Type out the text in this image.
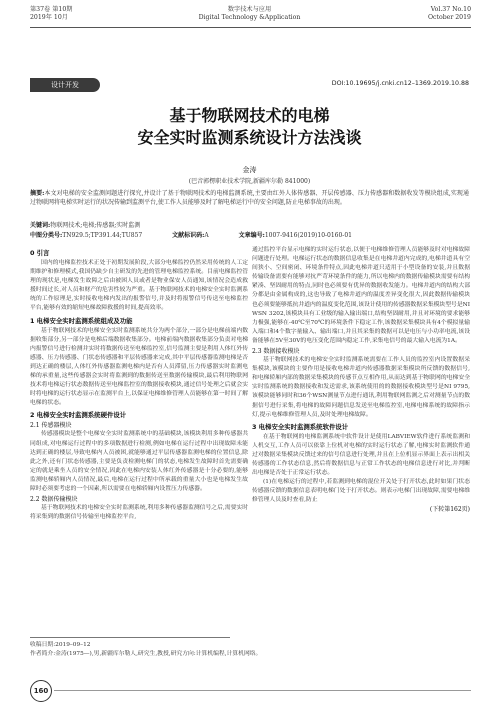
第37卷 第10期
2019年 10月
数字技术与应用
Digital Technology &Application
Vol.37 No.10
October 2019
设计开发	DOI:10.19695/j.cnki.cn12–1369.2019.10.88
基于物联网技术的电梯
安全实时监测系统设计方法浅谈
金涛
(巴音郭楞职业技术学院,新疆库尔勒 841000)
摘要:本文对电梯的安全监测问题进行探究,并设计了基于物联网技术的电梯监测系统,主要由红外人体传感器、开层传感器、压力传感器和数据收发等模块组成,实现通过物联网将电梯实时运行的状况传输到监测平台,使工作人员能够及时了解电梯运行中的安全问题,防止电梯事故的出现。
关键词:物联网技术;电梯;传感器;实时监测
中图分类号:TN929.5;TP391.44;TU857	文献标识码:A	文章编号:1007-9416(2019)10-0160-01
0 引言

国内的电梯监控技术正处于初期发展阶段,大部分电梯监控仍然采用传统的人工定期维护和修理模式,我国仍缺少自主研发的先进的管理电梯监控系统。目前电梯监控管理的现状是,电梯发生故障之后由被困人员或者是物业保安人员通知,该情况会造成救援时间过长,对人员和财产的危害性较为严重。基于物联网技术的电梯安全实时监测系统的工作原理是,实时接收电梯内发出的报警信号,并及时将报警信号传送至电梯监控平台,能够有效的缩短电梯故障救援的时间,提高效率。

1 电梯安全实时监测系统组成及功能

基于物联网技术的电梯安全实时监测系统共分为两个部分,一部分是电梯前端内数据收集部分,另一部分是电梯后端数据收集部分。电梯前端内数据收集部分负责对电梯内报警信号进行检测并实时将数据传送至电梯监控室,信号监测主要是利用人体红外传感器、压力传感器、门状态传感器和平层传感器来完成,其中平层传感器监测电梯是否到达正确的楼层,人体红外传感器监测电梯内是否有人员滞留,压力传感器实时监测电梯的承重量,这些传感器会实时将监测到的数据传送至数据传输模块,最后利用物联网技术将电梯运行状态数据传送至电梯监控室的数据接收模块,通过信号处理之后就会实时将电梯的运行状态显示在监测平台上,以保证电梯维修管理人员能够在第一时间了解电梯的状态。

2 电梯安全实时监测系统硬件设计
2.1 传感器模块

传感器模块是整个电梯安全实时监测系统中的基础模块,该模块利用多种传感器共同组成,对电梯运行过程中的多项数据进行检测,例如电梯在运行过程中出现故障未能达到正确的楼层,导致电梯内人员被困,就能够通过平层传感器监测电梯的位置信息,除此之外,还有门状态传感器,主要是负责检测电梯门的状态,电梯发生故障时首先需要确定的就是乘坐人员的安全情况,因此在电梯内安装人体红外传感器是十分必要的,能够监测电梯轿厢内人员情况,最后,电梯在运行过程中所承载的重量大小也是电梯发生故障时必须要考虑的一个因素,所以需要在电梯轿厢内设置压力传感器。

2.2 数据传输模块

基于物联网技术的电梯安全实时监测系统,利用多种传感器监测信号之后,需要实时将采集到的数据信号传输至电梯监控平台,

通过监控平台显示电梯的实时运行状态,以便于电梯维修管理人员能够及时对电梯故障问题进行处理。电梯运行状态的数据信息收集是在电梯井道内完成的,电梯井道具有空间狭小、空间密闭、环境条件特点,因此电梯井道只适用于小型设备的安装,并且数据传输设备需要有能够对抗严苛环境条件的能力,所以电梯内的数据传输模块需要有结构紧凑、坚固耐用的特点,同时也必须要有优异的数据收发能力。电梯井道内的结构大部分都是由金属构成的,这也导致了电梯井道内的温度差异变化很大,因此数据传输模块也必须要能够抵抗井道内的温度变化范围,该设计使用的传感器数据采集模块型号是NI WSN 3202,该模块具有工业级的输入输出端口,结构坚固耐用,并且对环境的要求能够力极强,能够在-40℃至70℃的环境条件下稳定工作,该数据采集模块具有4个模拟量输入端口和4个数字量输入、输出端口,并且其采集的数据可以是电压与小功率电流,该设备能够在5V至30V的电压变化范围内稳定工作,采集电信号的最大输入电流为1A。

2.3 数据接收模块

基于物联网技术的电梯安全实时监测系统需要在工作人员的监控室内设置数据采集模块,该模块的主要作用是接收电梯井道内传感器数据采集模块所反馈的数据信号,和电梯轿厢内部的数据采集模块的传感节点互相作用,从而达到基于物联网的电梯安全实时监测系统的数据接收和发送需求,该系统使用的的数据接收模块型号是NI 9795,该模块能够同时和36个WSN测量节点进行通讯,利用物联网监测之后对测量节点的数据信号进行采集,将电梯的故障问题信息发送至电梯监控室,电梯电梯系统的故障指示灯,提示电梯维修管理人员,及时处理电梯故障。

3 电梯安全实时监测系统软件设计

在基于物联网的电梯监测系统中软件设计是使用LABVIEW软件进行系统监测和人机交互,工作人员可以依靠上位机对电梯的实时运行状态了解,电梯实时监测软件通过对数据采集模块反馈过来的信号信息进行处理,并且在上位机显示界面上表示出相关传感器的工作状态信息,然后将数据信息与正常工作状态的电梯信息进行对比,并判断出电梯是否处于正常运行状态。

(1)在电梯运行的过程中,若监测到电梯的混位开关处于打开状态,此时如果门状态传感器反馈的数据信息表明电梯门处于打开状态。则表示电梯门出现故障,需要电梯维修管理人员及时查看,防止

(下转第162页)
收稿日期:2019–09–12
作者简介:金涛(1975—),男,新疆库尔勒人,研究生,教授,研究方向:计算机编程,计算机网络。
160
